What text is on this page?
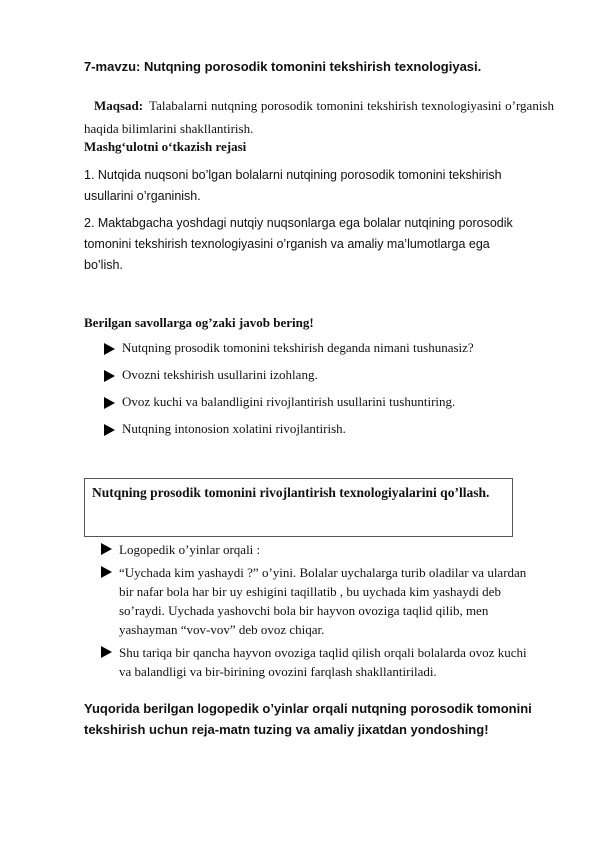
7-mavzu: Nutqning porosodik tomonini tekshirish texnologiyasi.
Maqsad: Talabalarni nutqning porosodik tomonini tekshirish texnologiyasini o’rganish haqida bilimlarini shakllantirish.
Mashg‘ulotni o‘tkazish rejasi
1. Nutqida nuqsoni bo’lgan bolalarni nutqining porosodik tomonini tekshirish usullarini o’rganinish.
2. Maktabgacha yoshdagi nutqiy nuqsonlarga ega bolalar nutqining porosodik tomonini tekshirish texnologiyasini o’rganish va amaliy ma’lumotlarga ega bo’lish.
Berilgan savollarga og’zaki javob bering!
Nutqning prosodik tomonini tekshirish deganda nimani tushunasiz?
Ovozni tekshirish usullarini izohlang.
Ovoz kuchi va balandligini rivojlantirish usullarini tushuntiring.
Nutqning intonosion xolatini rivojlantirish.
Nutqning prosodik tomonini rivojlantirish texnologiyalarini qo’llash.
Logopedik o’yinlar orqali :
“Uychada kim yashaydi ?” o’yini. Bolalar uychalarga turib oladilar va ulardan bir nafar bola har bir uy eshigini taqillatib , bu uychada kim yashaydi deb so’raydi. Uychada yashovchi bola bir hayvon ovoziga taqlid qilib, men yashayman “vov-vov” deb ovoz chiqar.
Shu tariqa bir qancha hayvon ovoziga taqlid qilish orqali bolalarda ovoz kuchi va balandligi va bir-birining ovozini farqlash shakllantiriladi.
Yuqorida berilgan logopedik o’yinlar orqali nutqning porosodik tomonini tekshirish uchun reja-matn tuzing va amaliy jixatdan yondoshing!
